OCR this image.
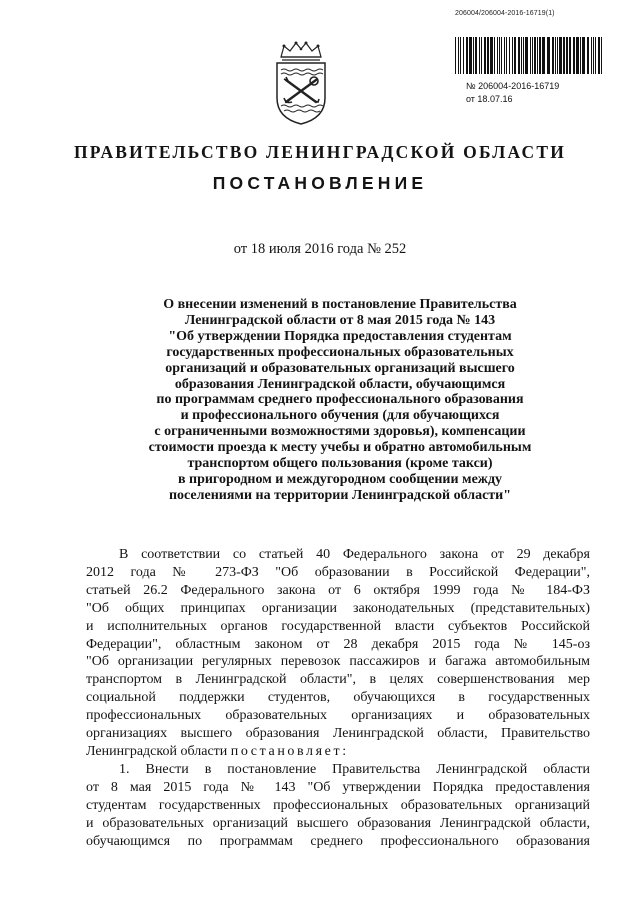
206004/206004-2016-16719(1)
№ 206004-2016-16719
от 18.07.16
ПРАВИТЕЛЬСТВО ЛЕНИНГРАДСКОЙ ОБЛАСТИ
ПОСТАНОВЛЕНИЕ
от 18 июля 2016 года № 252
О внесении изменений в постановление Правительства
Ленинградской области от 8 мая 2015 года № 143
"Об утверждении Порядка предоставления студентам
государственных профессиональных образовательных
организаций и образовательных организаций высшего
образования Ленинградской области, обучающимся
по программам среднего профессионального образования
и профессионального обучения (для обучающихся
с ограниченными возможностями здоровья), компенсации
стоимости проезда к месту учебы и обратно автомобильным
транспортом общего пользования (кроме такси)
в пригородном и междугородном сообщении между
поселениями на территории Ленинградской области"
В соответствии со статьей 40 Федерального закона от 29 декабря
2012 года № 273-ФЗ "Об образовании в Российской Федерации",
статьей 26.2 Федерального закона от 6 октября 1999 года № 184-ФЗ
"Об общих принципах организации законодательных (представительных)
и исполнительных органов государственной власти субъектов Российской
Федерации", областным законом от 28 декабря 2015 года № 145-оз
"Об организации регулярных перевозок пассажиров и багажа автомобильным
транспортом в Ленинградской области", в целях совершенствования мер
социальной поддержки студентов, обучающихся в государственных
профессиональных образовательных организациях и образовательных
организациях высшего образования Ленинградской области, Правительство
Ленинградской области постановляет:
1. Внести в постановление Правительства Ленинградской области
от 8 мая 2015 года № 143 "Об утверждении Порядка предоставления
студентам государственных профессиональных образовательных организаций
и образовательных организаций высшего образования Ленинградской области,
обучающимся по программам среднего профессионального образования
